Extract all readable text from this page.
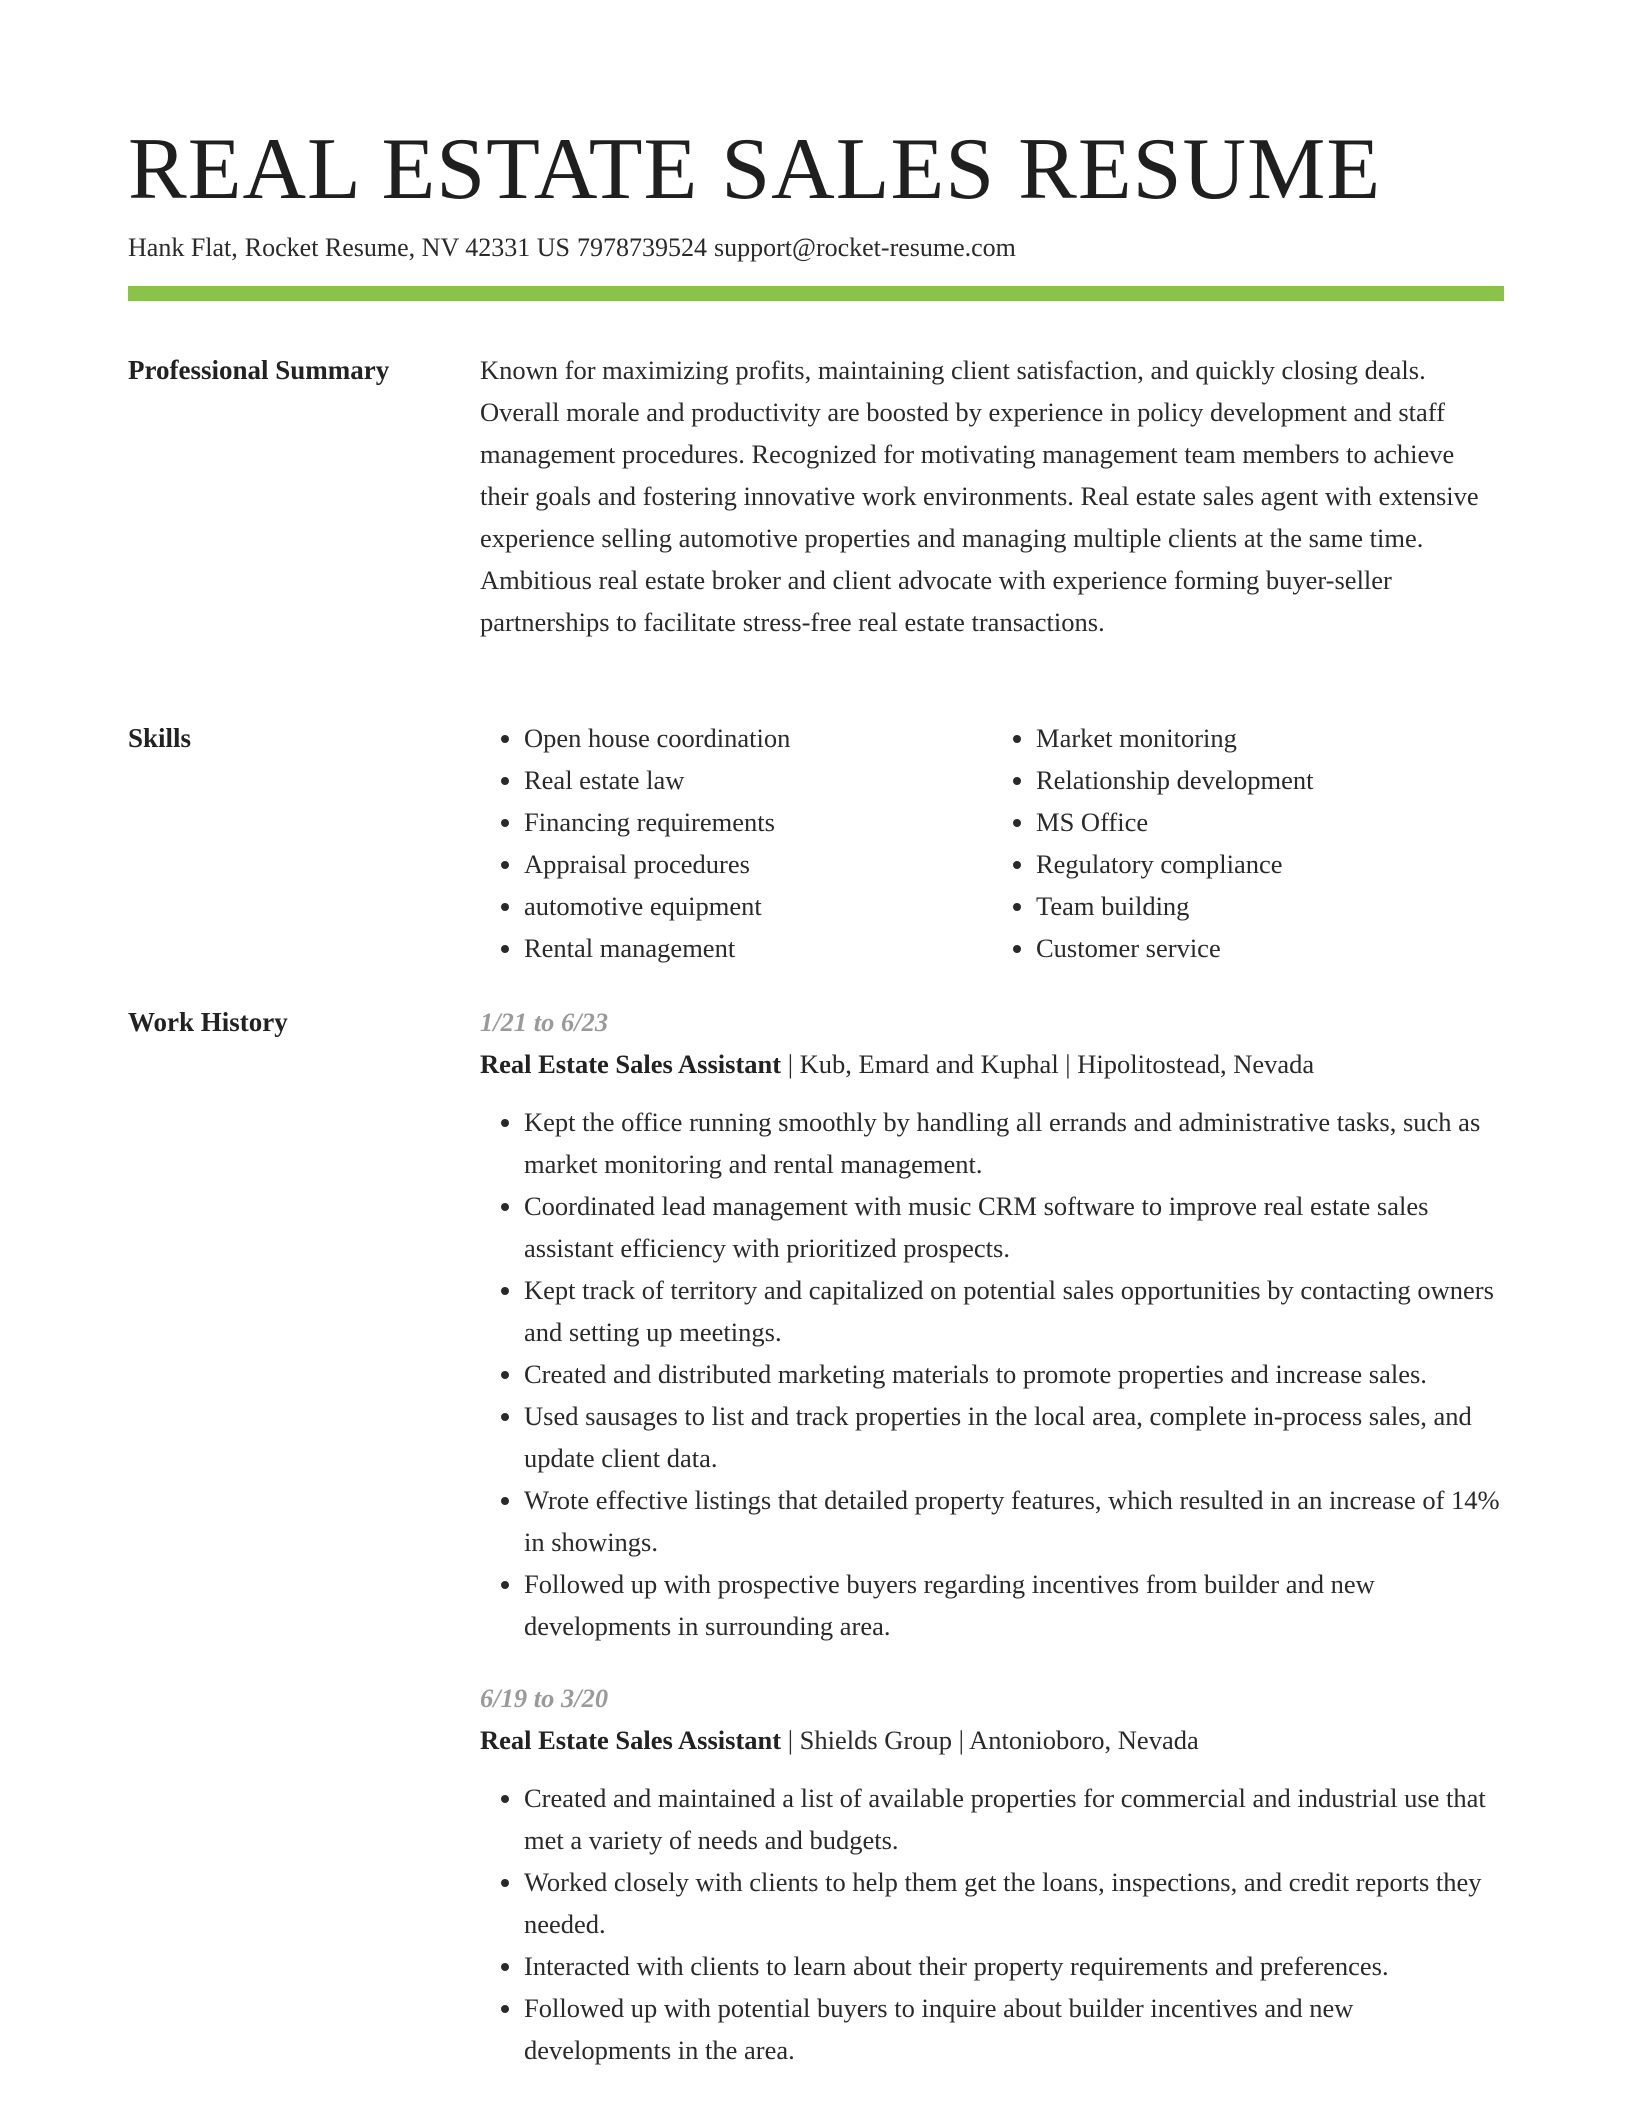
REAL ESTATE SALES RESUME
Hank Flat, Rocket Resume, NV 42331 US 7978739524 support@rocket-resume.com
Professional Summary	Known for maximizing profits, maintaining client satisfaction, and quickly closing deals. Overall morale and productivity are boosted by experience in policy development and staff management procedures. Recognized for motivating management team members to achieve their goals and fostering innovative work environments. Real estate sales agent with extensive experience selling automotive properties and managing multiple clients at the same time. Ambitious real estate broker and client advocate with experience forming buyer-seller partnerships to facilitate stress-free real estate transactions.

Skills
•	Open house coordination
• Real estate law
• Financing requirements
• Appraisal procedures
• automotive equipment
• Rental management
• Market monitoring
• Relationship development
• MS Office
• Regulatory compliance
• Team building
• Customer service
Work History	1/21 to 6/23
Real Estate Sales Assistant | Kub, Emard and Kuphal | Hipolitostead, Nevada
• Kept the office running smoothly by handling all errands and administrative tasks, such as market monitoring and rental management.
• Coordinated lead management with music CRM software to improve real estate sales assistant efficiency with prioritized prospects.
• Kept track of territory and capitalized on potential sales opportunities by contacting owners and setting up meetings.
• Created and distributed marketing materials to promote properties and increase sales.
• Used sausages to list and track properties in the local area, complete in-process sales, and update client data.
• Wrote effective listings that detailed property features, which resulted in an increase of 14% in showings.
• Followed up with prospective buyers regarding incentives from builder and new developments in surrounding area.
6/19 to 3/20
Real Estate Sales Assistant | Shields Group | Antonioboro, Nevada
• Created and maintained a list of available properties for commercial and industrial use that met a variety of needs and budgets.
• Worked closely with clients to help them get the loans, inspections, and credit reports they needed.
• Interacted with clients to learn about their property requirements and preferences.
• Followed up with potential buyers to inquire about builder incentives and new developments in the area.
